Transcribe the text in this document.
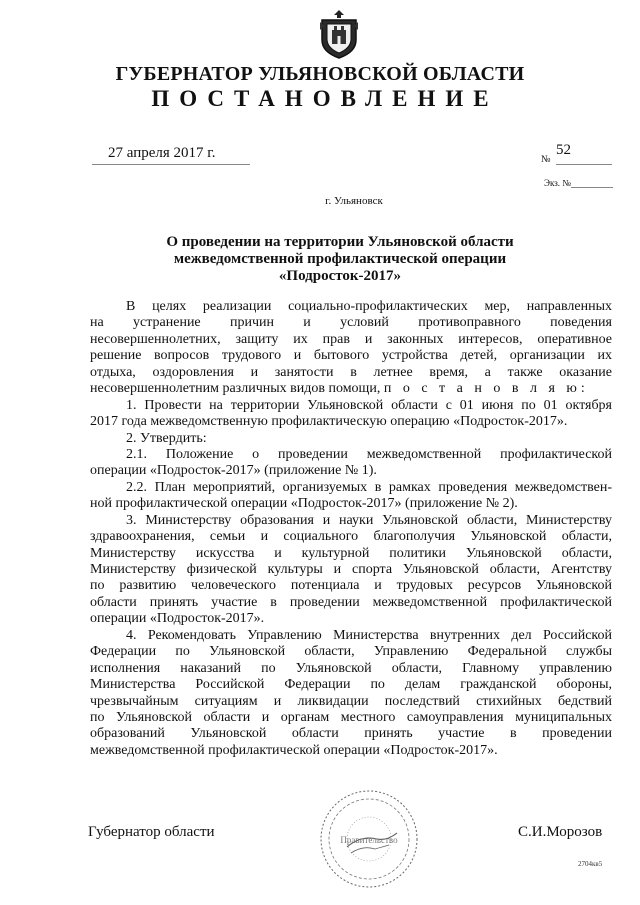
ГУБЕРНАТОР УЛЬЯНОВСКОЙ ОБЛАСТИ
ПОСТАНОВЛЕНИЕ
27 апреля 2017 г.	№
52
Экз. №
г. Ульяновск
О проведении на территории Ульяновской области
межведомственной профилактической операции
«Подросток-2017»
В целях реализации социально-профилактических мер, направленных
на устранение причин и условий противоправного поведения
несовершеннолетних, защиту их прав и законных интересов, оперативное
решение вопросов трудового и бытового устройства детей, организации их
отдыха, оздоровления и занятости в летнее время, а также оказание
несовершеннолетним различных видов помощи, п о с т а н о в л я ю:
1. Провести на территории Ульяновской области с 01 июня по 01 октября
2017 года межведомственную профилактическую операцию «Подросток-2017».
2. Утвердить:
2.1. Положение о проведении межведомственной профилактической
операции «Подросток-2017» (приложение № 1).
2.2. План мероприятий, организуемых в рамках проведения межведомствен-
ной профилактической операции «Подросток-2017» (приложение № 2).
3. Министерству образования и науки Ульяновской области, Министерству
здравоохранения, семьи и социального благополучия Ульяновской области,
Министерству искусства и культурной политики Ульяновской области,
Министерству физической культуры и спорта Ульяновской области, Агентству
по развитию человеческого потенциала и трудовых ресурсов Ульяновской
области принять участие в проведении межведомственной профилактической
операции «Подросток-2017».
4. Рекомендовать Управлению Министерства внутренних дел Российской
Федерации по Ульяновской области, Управлению Федеральной службы
исполнения наказаний по Ульяновской области, Главному управлению
Министерства Российской Федерации по делам гражданской обороны,
чрезвычайным ситуациям и ликвидации последствий стихийных бедствий
по Ульяновской области и органам местного самоуправления муниципальных
образований Ульяновской области принять участие в проведении
межведомственной профилактической операции «Подросток-2017».
Правительство
Губернатор области	С.И.Морозов
2704кв5
